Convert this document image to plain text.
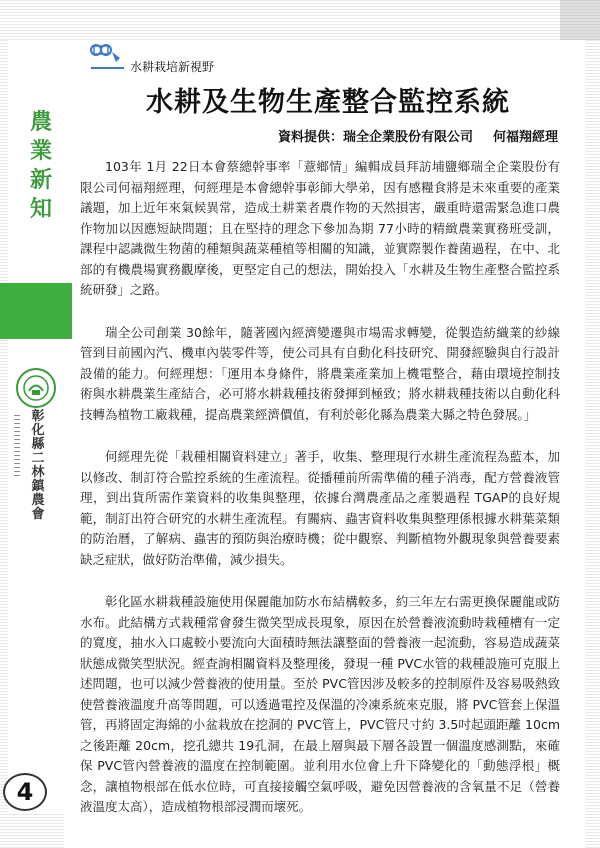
農業新知
彰化縣二林鎮農會
4
水耕栽培新視野
水耕及生物生產整合監控系統
資料提供：瑞全企業股份有限公司 何福翔經理

103年 1月 22日本會蔡總幹事率「薏鄉情」編輯成員拜訪埔鹽鄉瑞全企業股份有限公司何福翔經理，何經理是本會總幹事彰師大學弟，因有感糧食將是未來重要的產業議題，加上近年來氣候異常，造成土耕業者農作物的天然損害，嚴重時還需緊急進口農作物加以因應短缺問題；且在堅持的理念下參加為期 77小時的精緻農業實務班受訓，課程中認識微生物菌的種類與蔬菜種植等相關的知識，並實際製作養菌過程，在中、北部的有機農場實務觀摩後，更堅定自己的想法，開始投入「水耕及生物生產整合監控系統研發」之路。

瑞全公司創業 30餘年，隨著國內經濟變遷與市場需求轉變，從製造紡織業的紗線管到目前國內汽、機車內裝零件等，使公司具有自動化科技研究、開發經驗與自行設計設備的能力。何經理想：「運用本身條件，將農業產業加上機電整合，藉由環境控制技術與水耕農業生產結合，必可將水耕栽種技術發揮到極致；將水耕栽種技術以自動化科技轉為植物工廠栽種，提高農業經濟價值，有利於彰化縣為農業大縣之特色發展。」

何經理先從「栽種相關資料建立」著手，收集、整理現行水耕生產流程為藍本，加以修改、制訂符合監控系統的生產流程。從播種前所需準備的種子消毒，配方營養液管理，到出貨所需作業資料的收集與整理，依據台灣農產品之產製過程 TGAP的良好規範，制訂出符合研究的水耕生產流程。有關病、蟲害資料收集與整理係根據水耕葉菜類的防治曆，了解病、蟲害的預防與治療時機；從中觀察、判斷植物外觀現象與營養要素缺乏症狀，做好防治準備，減少損失。

彰化區水耕栽種設施使用保麗龍加防水布結構較多，約三年左右需更換保麗龍或防水布。此結構方式栽種常會發生微笑型成長現象，原因在於營養液流動時栽種槽有一定的寬度，抽水入口處較小要流向大面積時無法讓整面的營養液一起流動，容易造成蔬菜狀態成微笑型狀況。經查詢相關資料及整理後，發現一種 PVC水管的栽種設施可克服上述問題，也可以減少營養液的使用量。至於 PVC管因涉及較多的控制原件及容易吸熱致使營養液溫度升高等問題，可以透過電控及保溫的冷凍系統來克服，將 PVC管套上保溫管，再將固定海綿的小盆栽放在挖洞的 PVC管上，PVC管尺寸約 3.5吋起頭距離 10cm之後距離 20cm，挖孔總共 19孔洞，在最上層與最下層各設置一個溫度感測點，來確保 PVC管內營養液的溫度在控制範圍。並利用水位會上升下降變化的「動態浮根」概念，讓植物根部在低水位時，可直接接觸空氣呼吸，避免因營養液的含氧量不足（營養液溫度太高），造成植物根部浸潤而壞死。
